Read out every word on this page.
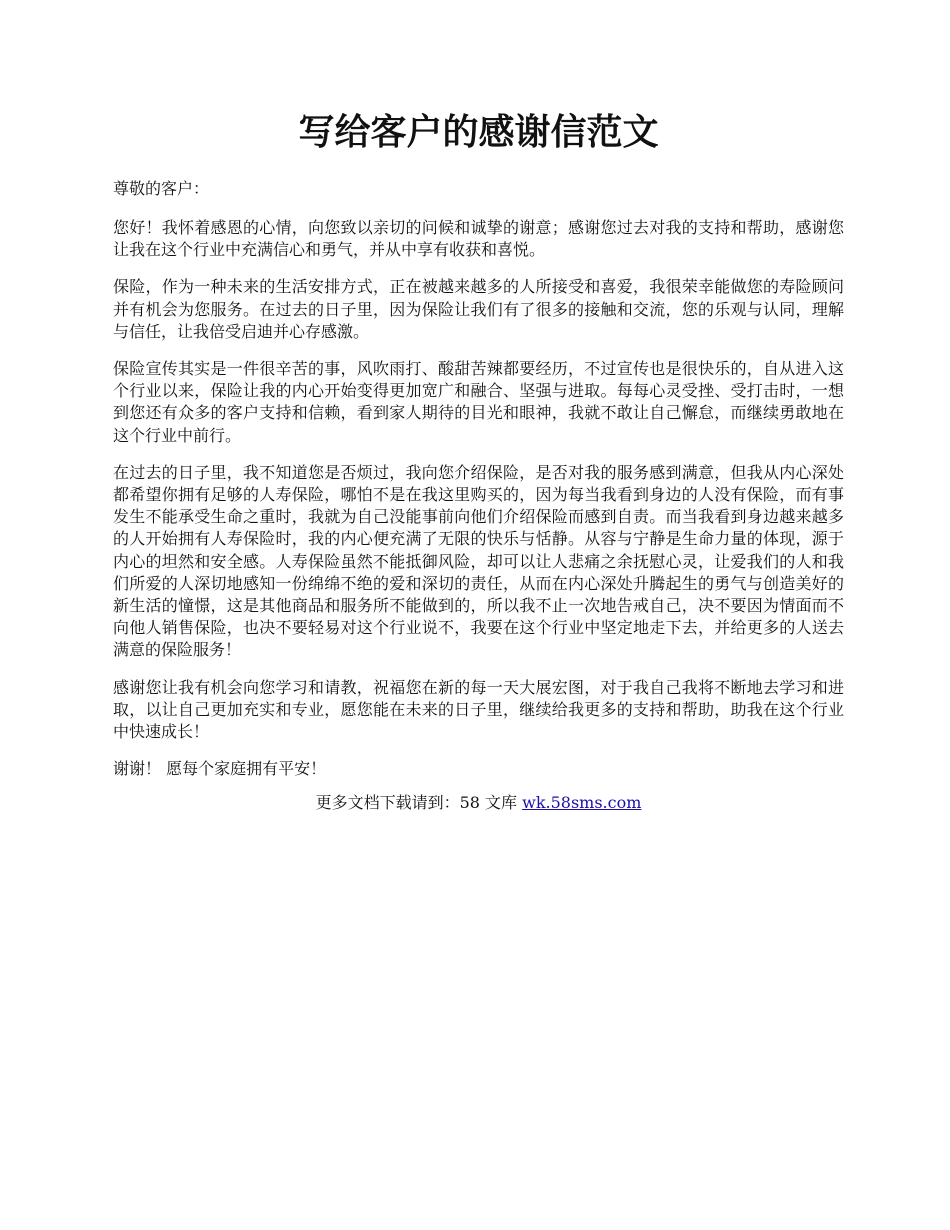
写给客户的感谢信范文

尊敬的客户：

您好！我怀着感恩的心情，向您致以亲切的问候和诚挚的谢意；感谢您过去对我的支持和帮助，感谢您让我在这个行业中充满信心和勇气，并从中享有收获和喜悦。

保险，作为一种未来的生活安排方式，正在被越来越多的人所接受和喜爱，我很荣幸能做您的寿险顾问并有机会为您服务。在过去的日子里，因为保险让我们有了很多的接触和交流，您的乐观与认同，理解与信任，让我倍受启迪并心存感激。

保险宣传其实是一件很辛苦的事，风吹雨打、酸甜苦辣都要经历，不过宣传也是很快乐的，自从进入这个行业以来，保险让我的内心开始变得更加宽广和融合、坚强与进取。每每心灵受挫、受打击时，一想到您还有众多的客户支持和信赖，看到家人期待的目光和眼神，我就不敢让自己懈怠，而继续勇敢地在这个行业中前行。

在过去的日子里，我不知道您是否烦过，我向您介绍保险，是否对我的服务感到满意，但我从内心深处都希望你拥有足够的人寿保险，哪怕不是在我这里购买的，因为每当我看到身边的人没有保险，而有事发生不能承受生命之重时，我就为自己没能事前向他们介绍保险而感到自责。而当我看到身边越来越多的人开始拥有人寿保险时，我的内心便充满了无限的快乐与恬静。从容与宁静是生命力量的体现，源于内心的坦然和安全感。人寿保险虽然不能抵御风险，却可以让人悲痛之余抚慰心灵，让爱我们的人和我们所爱的人深切地感知一份绵绵不绝的爱和深切的责任，从而在内心深处升腾起生的勇气与创造美好的新生活的憧憬，这是其他商品和服务所不能做到的，所以我不止一次地告戒自己，决不要因为情面而不向他人销售保险，也决不要轻易对这个行业说不，我要在这个行业中坚定地走下去，并给更多的人送去满意的保险服务！

感谢您让我有机会向您学习和请教，祝福您在新的每一天大展宏图，对于我自己我将不断地去学习和进取，以让自己更加充实和专业，愿您能在未来的日子里，继续给我更多的支持和帮助，助我在这个行业中快速成长！

谢谢！ 愿每个家庭拥有平安！

更多文档下载请到：58 文库 wk.58sms.com
